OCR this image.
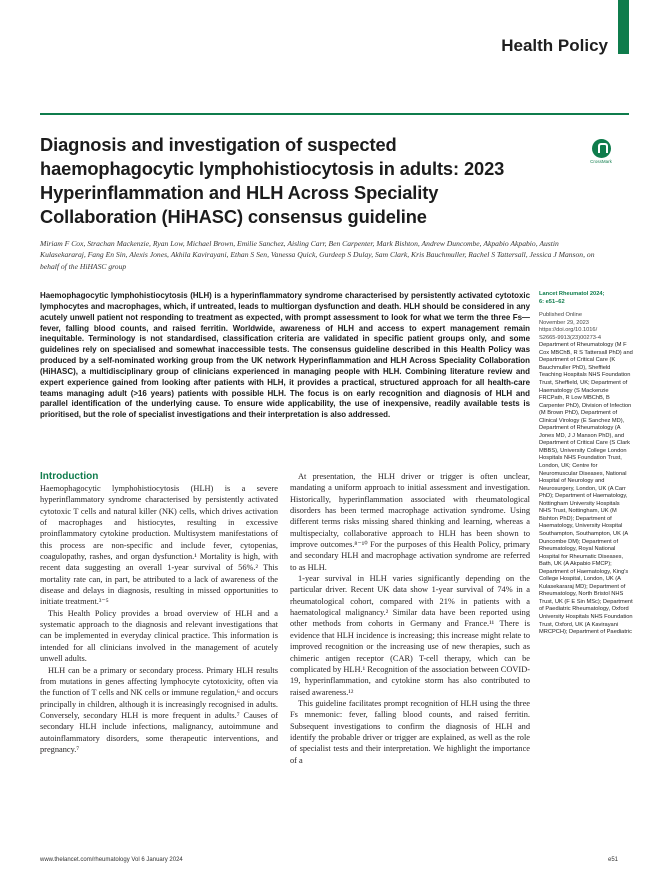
Health Policy
Diagnosis and investigation of suspected haemophagocytic lymphohistiocytosis in adults: 2023 Hyperinflammation and HLH Across Speciality Collaboration (HiHASC) consensus guideline
CrossMark
Miriam F Cox, Strachan Mackenzie, Ryan Low, Michael Brown, Emilie Sanchez, Aisling Carr, Ben Carpenter, Mark Bishton, Andrew Duncombe, Akpabio Akpabio, Austin Kulasekararaj, Fang En Sin, Alexis Jones, Akhila Kavirayani, Ethan S Sen, Vanessa Quick, Gurdeep S Dulay, Sam Clark, Kris Bauchmuller, Rachel S Tattersall, Jessica J Manson, on behalf of the HiHASC group
Haemophagocytic lymphohistiocytosis (HLH) is a hyperinflammatory syndrome characterised by persistently activated cytotoxic lymphocytes and macrophages, which, if untreated, leads to multiorgan dysfunction and death. HLH should be considered in any acutely unwell patient not responding to treatment as expected, with prompt assessment to look for what we term the three Fs—fever, falling blood counts, and raised ferritin. Worldwide, awareness of HLH and access to expert management remain inequitable. Terminology is not standardised, classification criteria are validated in specific patient groups only, and some guidelines rely on specialised and somewhat inaccessible tests. The consensus guideline described in this Health Policy was produced by a self-nominated working group from the UK network Hyperinflammation and HLH Across Speciality Collaboration (HiHASC), a multidisciplinary group of clinicians experienced in managing people with HLH. Combining literature review and expert experience gained from looking after patients with HLH, it provides a practical, structured approach for all health-care teams managing adult (>16 years) patients with possible HLH. The focus is on early recognition and diagnosis of HLH and parallel identification of the underlying cause. To ensure wide applicability, the use of inexpensive, readily available tests is prioritised, but the role of specialist investigations and their interpretation is also addressed.
Lancet Rheumatol 2024;
6: e51–62
Published Online
November 29, 2023
https://doi.org/10.1016/
S2665-9913(23)00273-4
Department of Rheumatology (M F Cox MBChB, R S Tattersall PhD) and Department of Critical Care (K Bauchmuller PhD), Sheffield Teaching Hospitals NHS Foundation Trust, Sheffield, UK; Department of Haematology (S Mackenzie FRCPath, R Low MBChB, B Carpenter PhD), Division of Infection (M Brown PhD), Department of Clinical Virology (E Sanchez MD), Department of Rheumatology (A Jones MD, J J Manson PhD), and Department of Critical Care (S Clark MBBS), University College London Hospitals NHS Foundation Trust, London, UK; Centre for Neuromuscular Diseases, National Hospital of Neurology and Neurosurgery, London, UK (A Carr PhD); Department of Haematology, Nottingham University Hospitals NHS Trust, Nottingham, UK (M Bishton PhD); Department of Haematology, University Hospital Southampton, Southampton, UK (A Duncombe DM); Department of Rheumatology, Royal National Hospital for Rheumatic Diseases, Bath, UK (A Akpabio FMCP); Department of Haematology, King's College Hospital, London, UK (A Kulasekararaj MD); Department of Rheumatology, North Bristol NHS Trust, UK (F E Sin MSc); Department of Paediatric Rheumatology, Oxford University Hospitals NHS Foundation Trust, Oxford, UK (A Kavirayani MRCPCH); Department of Paediatric
Introduction

Haemophagocytic lymphohistiocytosis (HLH) is a severe hyperinflammatory syndrome characterised by persistently activated cytotoxic T cells and natural killer (NK) cells, which drives activation of macrophages and histiocytes, resulting in excessive proinflammatory cytokine production. Multisystem manifestations of this process are non-specific and include fever, cytopenias, coagulopathy, rashes, and organ dysfunction.¹ Mortality is high, with recent data suggesting an overall 1-year survival of 56%.² This mortality rate can, in part, be attributed to a lack of awareness of the disease and delays in diagnosis, resulting in missed opportunities to initiate treatment.³⁻⁵

This Health Policy provides a broad overview of HLH and a systematic approach to the diagnosis and relevant investigations that can be implemented in everyday clinical practice. This information is intended for all clinicians involved in the management of acutely unwell adults.

HLH can be a primary or secondary process. Primary HLH results from mutations in genes affecting lymphocyte cytotoxicity, often via the function of T cells and NK cells or immune regulation,⁶ and occurs principally in children, although it is increasingly recognised in adults. Conversely, secondary HLH is more frequent in adults.⁷ Causes of secondary HLH include infections, malignancy, autoimmune and autoinflammatory disorders, some therapeutic interventions, and pregnancy.⁷

At presentation, the HLH driver or trigger is often unclear, mandating a uniform approach to initial assessment and investigation. Historically, hyperinflammation associated with rheumatological disorders has been termed macrophage activation syndrome. Using different terms risks missing shared thinking and learning, whereas a multispecialty, collaborative approach to HLH has been shown to improve outcomes.⁸⁻¹⁰ For the purposes of this Health Policy, primary and secondary HLH and macrophage activation syndrome are referred to as HLH.

1-year survival in HLH varies significantly depending on the particular driver. Recent UK data show 1-year survival of 74% in a rheumatological cohort, compared with 21% in patients with a haematological malignancy.² Similar data have been reported using other methods from cohorts in Germany and France.¹¹ There is evidence that HLH incidence is increasing; this increase might relate to improved recognition or the increasing use of new therapies, such as chimeric antigen receptor (CAR) T-cell therapy, which can be complicated by HLH.¹ Recognition of the association between COVID-19, hyperinflammation, and cytokine storm has also contributed to raised awareness.¹²

This guideline facilitates prompt recognition of HLH using the three Fs mnemonic: fever, falling blood counts, and raised ferritin. Subsequent investigations to confirm the diagnosis of HLH and identify the probable driver or trigger are explained, as well as the role of specialist tests and their interpretation. We highlight the importance of a

www.thelancet.com/rheumatology Vol 6 January 2024	e51
